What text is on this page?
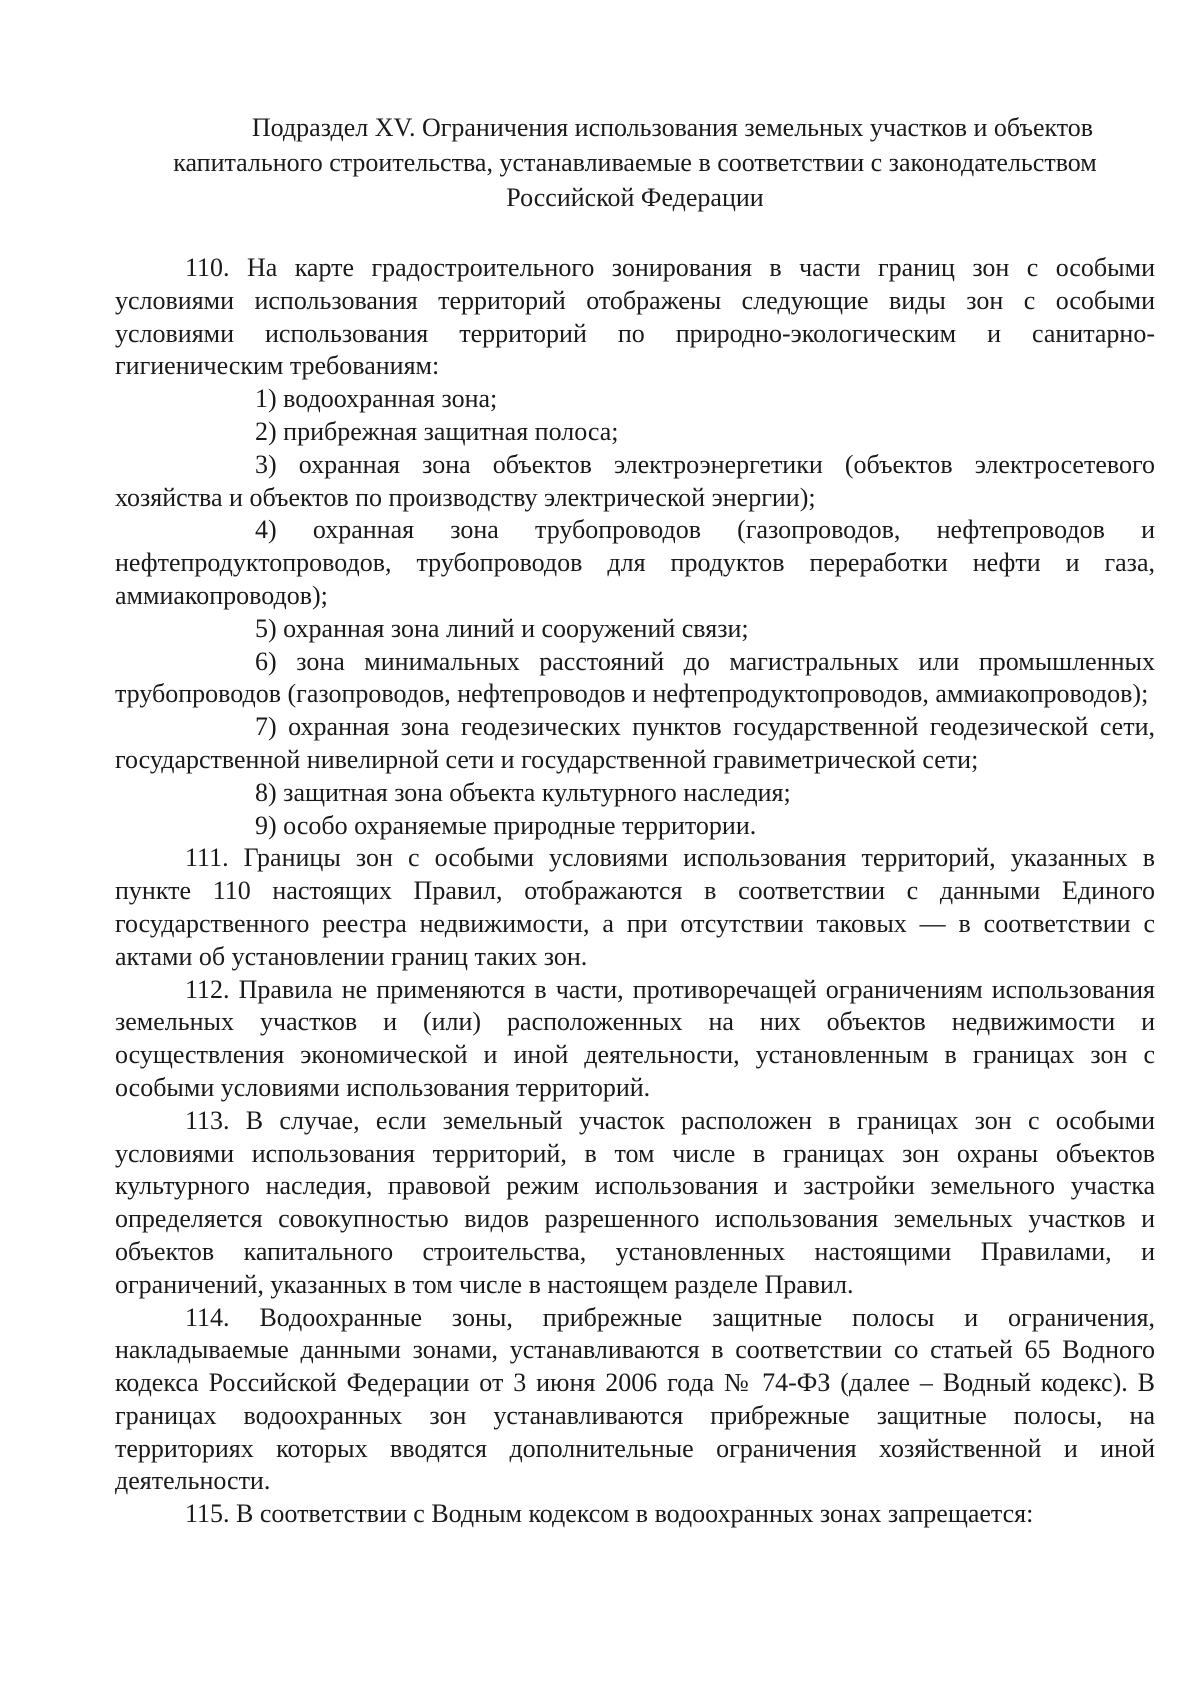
Подраздел XV. Ограничения использования земельных участков и объектов капитального строительства, устанавливаемые в соответствии с законодательством Российской Федерации

110. На карте градостроительного зонирования в части границ зон с особыми условиями использования территорий отображены следующие виды зон с особыми условиями использования территорий по природно-экологическим и санитарно-гигиеническим требованиям:

1) водоохранная зона;

2) прибрежная защитная полоса;

3) охранная зона объектов электроэнергетики (объектов электросетевого хозяйства и объектов по производству электрической энергии);

4) охранная зона трубопроводов (газопроводов, нефтепроводов и нефтепродуктопроводов, трубопроводов для продуктов переработки нефти и газа, аммиакопроводов);

5) охранная зона линий и сооружений связи;

6) зона минимальных расстояний до магистральных или промышленных трубопроводов (газопроводов, нефтепроводов и нефтепродуктопроводов, аммиакопроводов);

7) охранная зона геодезических пунктов государственной геодезической сети, государственной нивелирной сети и государственной гравиметрической сети;

8) защитная зона объекта культурного наследия;

9) особо охраняемые природные территории.

111. Границы зон с особыми условиями использования территорий, указанных в пункте 110 настоящих Правил, отображаются в соответствии с данными Единого государственного реестра недвижимости, а при отсутствии таковых — в соответствии с актами об установлении границ таких зон.

112. Правила не применяются в части, противоречащей ограничениям использования земельных участков и (или) расположенных на них объектов недвижимости и осуществления экономической и иной деятельности, установленным в границах зон с особыми условиями использования территорий.

113. В случае, если земельный участок расположен в границах зон с особыми условиями использования территорий, в том числе в границах зон охраны объектов культурного наследия, правовой режим использования и застройки земельного участка определяется совокупностью видов разрешенного использования земельных участков и объектов капитального строительства, установленных настоящими Правилами, и ограничений, указанных в том числе в настоящем разделе Правил.

114. Водоохранные зоны, прибрежные защитные полосы и ограничения, накладываемые данными зонами, устанавливаются в соответствии со статьей 65 Водного кодекса Российской Федерации от 3 июня 2006 года № 74-ФЗ (далее – Водный кодекс). В границах водоохранных зон устанавливаются прибрежные защитные полосы, на территориях которых вводятся дополнительные ограничения хозяйственной и иной деятельности.

115. В соответствии с Водным кодексом в водоохранных зонах запрещается:
